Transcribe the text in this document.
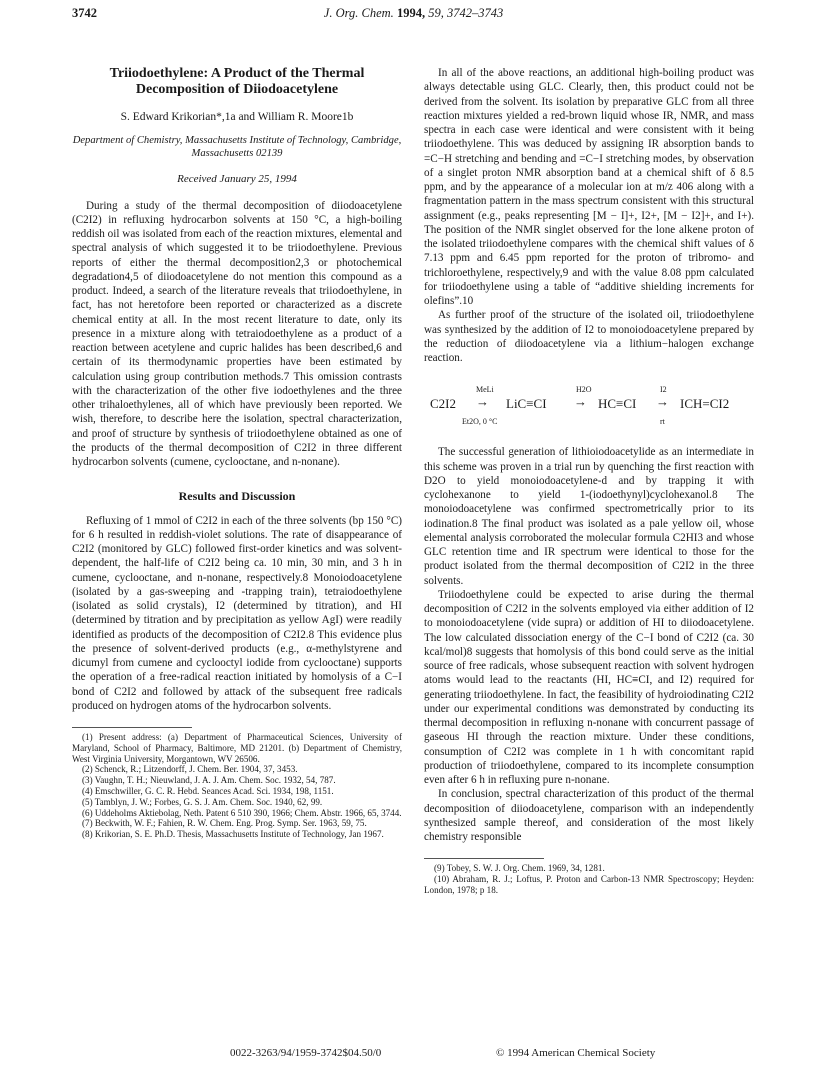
3742	J. Org. Chem. 1994, 59, 3742–3743
Triiodoethylene: A Product of the Thermal Decomposition of Diiodoacetylene
S. Edward Krikorian*,1a and William R. Moore1b
Department of Chemistry, Massachusetts Institute of Technology, Cambridge, Massachusetts 02139
Received January 25, 1994

During a study of the thermal decomposition of diiodoacetylene (C2I2) in refluxing hydrocarbon solvents at 150 °C, a high-boiling reddish oil was isolated from each of the reaction mixtures, elemental and spectral analysis of which suggested it to be triiodoethylene. Previous reports of either the thermal decomposition2,3 or photochemical degradation4,5 of diiodoacetylene do not mention this compound as a product. Indeed, a search of the literature reveals that triiodoethylene, in fact, has not heretofore been reported or characterized as a discrete chemical entity at all. In the most recent literature to date, only its presence in a mixture along with tetraiodoethylene as a product of a reaction between acetylene and cupric halides has been described,6 and certain of its thermodynamic properties have been estimated by calculation using group contribution methods.7 This omission contrasts with the characterization of the other five iodoethylenes and the three other trihaloethylenes, all of which have previously been reported. We wish, therefore, to describe here the isolation, spectral characterization, and proof of structure by synthesis of triiodoethylene obtained as one of the products of the thermal decomposition of C2I2 in three different hydrocarbon solvents (cumene, cyclooctane, and n-nonane).

Results and Discussion

Refluxing of 1 mmol of C2I2 in each of the three solvents (bp 150 °C) for 6 h resulted in reddish-violet solutions. The rate of disappearance of C2I2 (monitored by GLC) followed first-order kinetics and was solvent-dependent, the half-life of C2I2 being ca. 10 min, 30 min, and 3 h in cumene, cyclooctane, and n-nonane, respectively.8 Monoiodoacetylene (isolated by a gas-sweeping and -trapping train), tetraiodoethylene (isolated as solid crystals), I2 (determined by titration), and HI (determined by titration and by precipitation as yellow AgI) were readily identified as products of the decomposition of C2I2.8 This evidence plus the presence of solvent-derived products (e.g., α-methylstyrene and dicumyl from cumene and cyclooctyl iodide from cyclooctane) supports the operation of a free-radical reaction initiated by homolysis of a C−I bond of C2I2 and followed by attack of the subsequent free radicals produced on hydrogen atoms of the hydrocarbon solvents.

(1) Present address: (a) Department of Pharmaceutical Sciences, University of Maryland, School of Pharmacy, Baltimore, MD 21201. (b) Department of Chemistry, West Virginia University, Morgantown, WV 26506.

(2) Schenck, R.; Litzendorff, J. Chem. Ber. 1904, 37, 3453.

(3) Vaughn, T. H.; Nieuwland, J. A. J. Am. Chem. Soc. 1932, 54, 787.

(4) Emschwiller, G. C. R. Hebd. Seances Acad. Sci. 1934, 198, 1151.

(5) Tamblyn, J. W.; Forbes, G. S. J. Am. Chem. Soc. 1940, 62, 99.

(6) Uddeholms Aktiebolag, Neth. Patent 6 510 390, 1966; Chem. Abstr. 1966, 65, 3744.

(7) Beckwith, W. F.; Fahien, R. W. Chem. Eng. Prog. Symp. Ser. 1963, 59, 75.

(8) Krikorian, S. E. Ph.D. Thesis, Massachusetts Institute of Technology, Jan 1967.

In all of the above reactions, an additional high-boiling product was always detectable using GLC. Clearly, then, this product could not be derived from the solvent. Its isolation by preparative GLC from all three reaction mixtures yielded a red-brown liquid whose IR, NMR, and mass spectra in each case were identical and were consistent with it being triiodoethylene. This was deduced by assigning IR absorption bands to =C−H stretching and bending and =C−I stretching modes, by observation of a singlet proton NMR absorption band at a chemical shift of δ 8.5 ppm, and by the appearance of a molecular ion at m/z 406 along with a fragmentation pattern in the mass spectrum consistent with this structural assignment (e.g., peaks representing [M − I]+, I2+, [M − I2]+, and I+). The position of the NMR singlet observed for the lone alkene proton of the isolated triiodoethylene compares with the chemical shift values of δ 7.13 ppm and 6.45 ppm reported for the proton of tribromo- and trichloroethylene, respectively,9 and with the value 8.08 ppm calculated for triiodoethylene using a table of “additive shielding increments for olefins”.10

As further proof of the structure of the isolated oil, triiodoethylene was synthesized by the addition of I2 to monoiodoacetylene prepared by the reduction of diiodoacetylene via a lithium−halogen exchange reaction.

C2I2
MeLi
→
Et2O, 0 °C
LiC≡CI
H2O
→ HC≡CI
I2
→
rt
ICH=CI2

The successful generation of lithioiodoacetylide as an intermediate in this scheme was proven in a trial run by quenching the first reaction with D2O to yield monoiodoacetylene-d and by trapping it with cyclohexanone to yield 1-(iodoethynyl)cyclohexanol.8 The monoiodoacetylene was confirmed spectrometrically prior to its iodination.8 The final product was isolated as a pale yellow oil, whose elemental analysis corroborated the molecular formula C2HI3 and whose GLC retention time and IR spectrum were identical to those for the product isolated from the thermal decomposition of C2I2 in the three solvents.

Triiodoethylene could be expected to arise during the thermal decomposition of C2I2 in the solvents employed via either addition of I2 to monoiodoacetylene (vide supra) or addition of HI to diiodoacetylene. The low calculated dissociation energy of the C−I bond of C2I2 (ca. 30 kcal/mol)8 suggests that homolysis of this bond could serve as the initial source of free radicals, whose subsequent reaction with solvent hydrogen atoms would lead to the reactants (HI, HC≡CI, and I2) required for generating triiodoethylene. In fact, the feasibility of hydroiodinating C2I2 under our experimental conditions was demonstrated by conducting its thermal decomposition in refluxing n-nonane with concurrent passage of gaseous HI through the reaction mixture. Under these conditions, consumption of C2I2 was complete in 1 h with concomitant rapid production of triiodoethylene, compared to its incomplete consumption even after 6 h in refluxing pure n-nonane.

In conclusion, spectral characterization of this product of the thermal decomposition of diiodoacetylene, comparison with an independently synthesized sample thereof, and consideration of the most likely chemistry responsible

(9) Tobey, S. W. J. Org. Chem. 1969, 34, 1281.

(10) Abraham, R. J.; Loftus, P. Proton and Carbon-13 NMR Spectroscopy; Heyden: London, 1978; p 18.

0022-3263/94/1959-3742$04.50/0	© 1994 American Chemical Society
